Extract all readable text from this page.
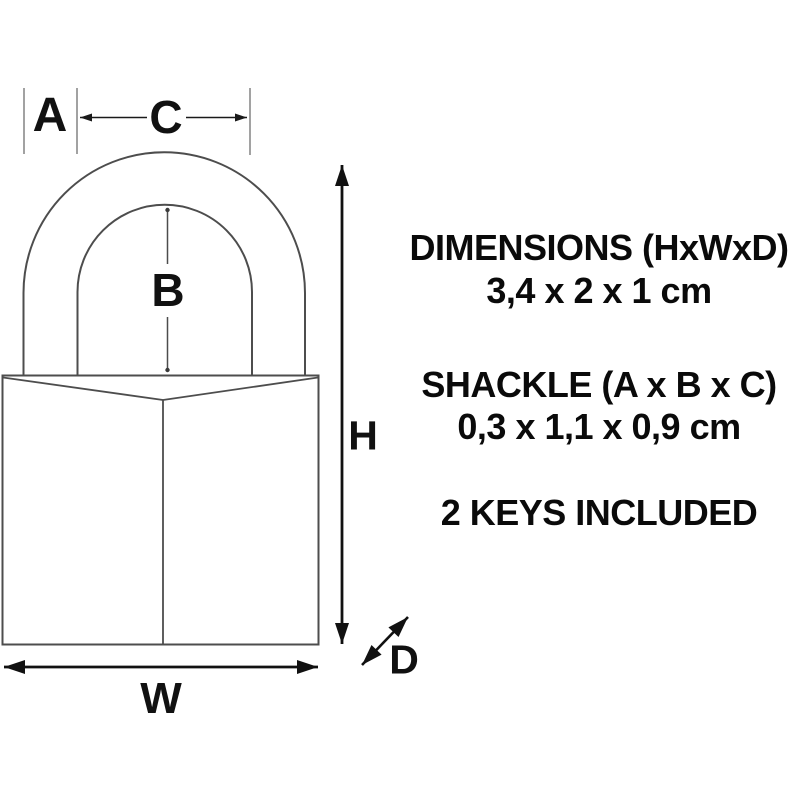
A C
B
H
W
D
DIMENSIONS (HxWxD)
3,4 x 2 x 1 cm
SHACKLE (A x B x C)
0,3 x 1,1 x 0,9 cm
2 KEYS INCLUDED
